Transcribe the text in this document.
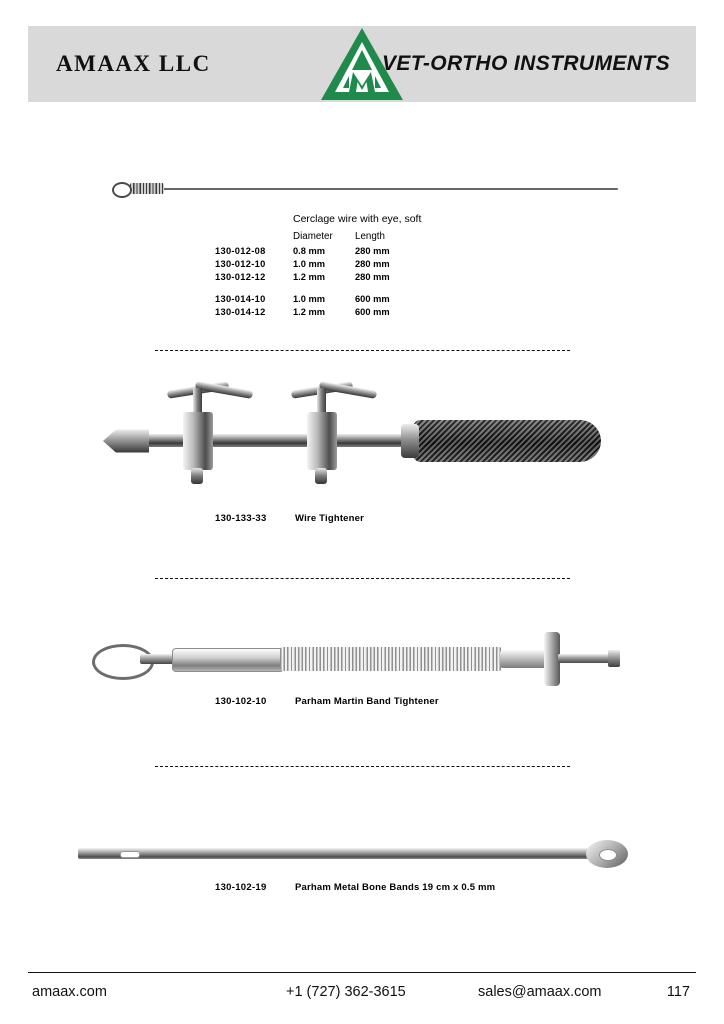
AMAAX LLC	VET-ORTHO INSTRUMENTS
Cerclage wire with eye, soft
	Diameter	Length
130-012-08	0.8 mm	280 mm
130-012-10	1.0 mm	280 mm
130-012-12	1.2 mm	280 mm

130-014-10	1.0 mm	600 mm
130-014-12	1.2 mm	600 mm
130-133-33	Wire Tightener
130-102-10	Parham Martin Band Tightener
130-102-19	Parham Metal Bone Bands 19 cm x 0.5 mm
amaax.com	+1 (727) 362-3615	sales@amaax.com	117
